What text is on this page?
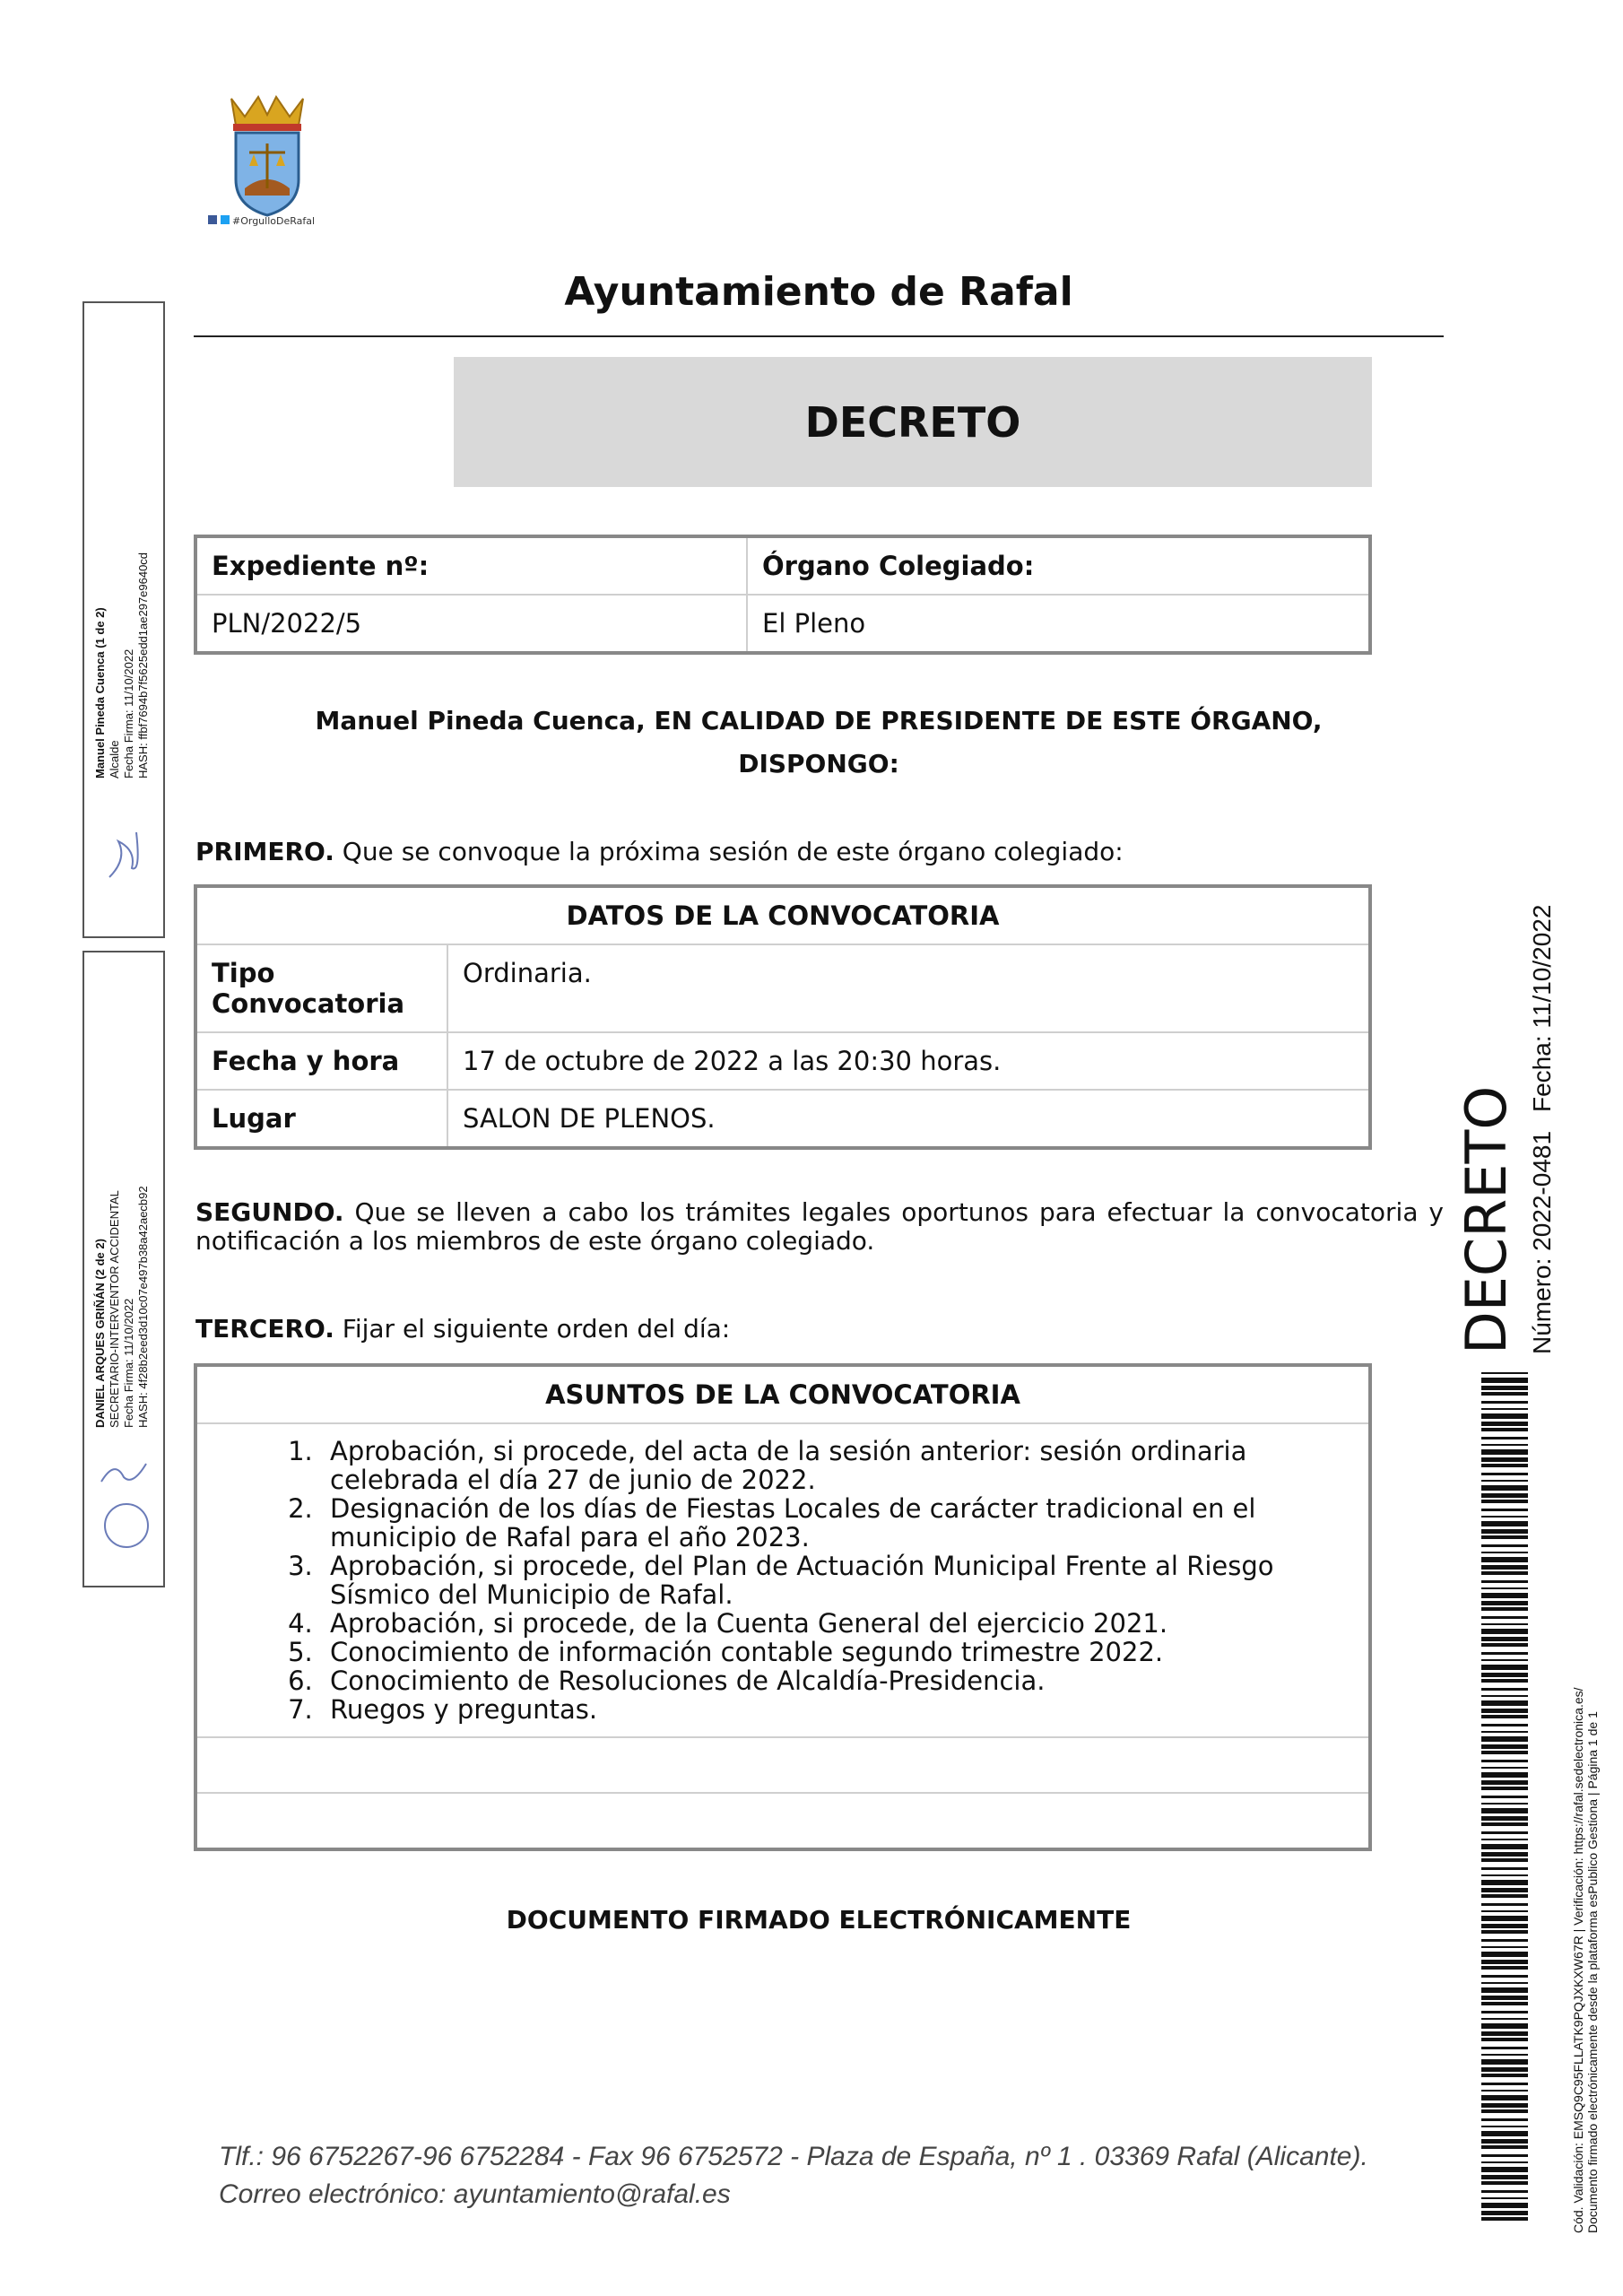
#OrgulloDeRafal
Ayuntamiento de Rafal
DECRETO
Expediente nº:	Órgano Colegiado:
PLN/2022/5	El Pleno
Manuel Pineda Cuenca, EN CALIDAD DE PRESIDENTE DE ESTE ÓRGANO,
DISPONGO:
PRIMERO. Que se convoque la próxima sesión de este órgano colegiado:
DATOS DE LA CONVOCATORIA	
Tipo Convocatoria	Ordinaria.
Fecha y hora	17 de octubre de 2022 a las 20:30 horas.
Lugar	SALON DE PLENOS.
SEGUNDO. Que se lleven a cabo los trámites legales oportunos para efectuar la convocatoria y notificación a los miembros de este órgano colegiado.
TERCERO. Fijar el siguiente orden del día:
ASUNTOS DE LA CONVOCATORIA

1. Aprobación, si procede, del acta de la sesión anterior: sesión ordinaria celebrada el día 27 de junio de 2022.
2. Designación de los días de Fiestas Locales de carácter tradicional en el municipio de Rafal para el año 2023.
3. Aprobación, si procede, del Plan de Actuación Municipal Frente al Riesgo Sísmico del Municipio de Rafal.
4. Aprobación, si procede, de la Cuenta General del ejercicio 2021.
5. Conocimiento de información contable segundo trimestre 2022.
6. Conocimiento de Resoluciones de Alcaldía-Presidencia.
7. Ruegos y preguntas.

DOCUMENTO FIRMADO ELECTRÓNICAMENTE
Tlf.: 96 6752267-96 6752284 - Fax 96 6752572 - Plaza de España, nº 1 . 03369 Rafal (Alicante).
Correo electrónico: ayuntamiento@rafal.es
Manuel Pineda Cuenca (1 de 2) Alcalde Fecha Firma: 11/10/2022 HASH: ffbf7694b7f5625edd1ae297e9640cd
DANIEL ARQUES GRIÑÁN (2 de 2) SECRETARIO-INTERVENTOR ACCIDENTAL Fecha Firma: 11/10/2022 HASH: 4f28b2eed3d10c07e497b38a42aecb92	DECRETO Número: 2022-0481
Fecha: 11/10/2022
Cód. Validación: EMSQ9C95FLLATK9PQJXKXW67R | Verificación: https://rafal.sedelectronica.es/ Documento firmado electrónicamente desde la plataforma esPublico Gestiona | Página 1 de 1
